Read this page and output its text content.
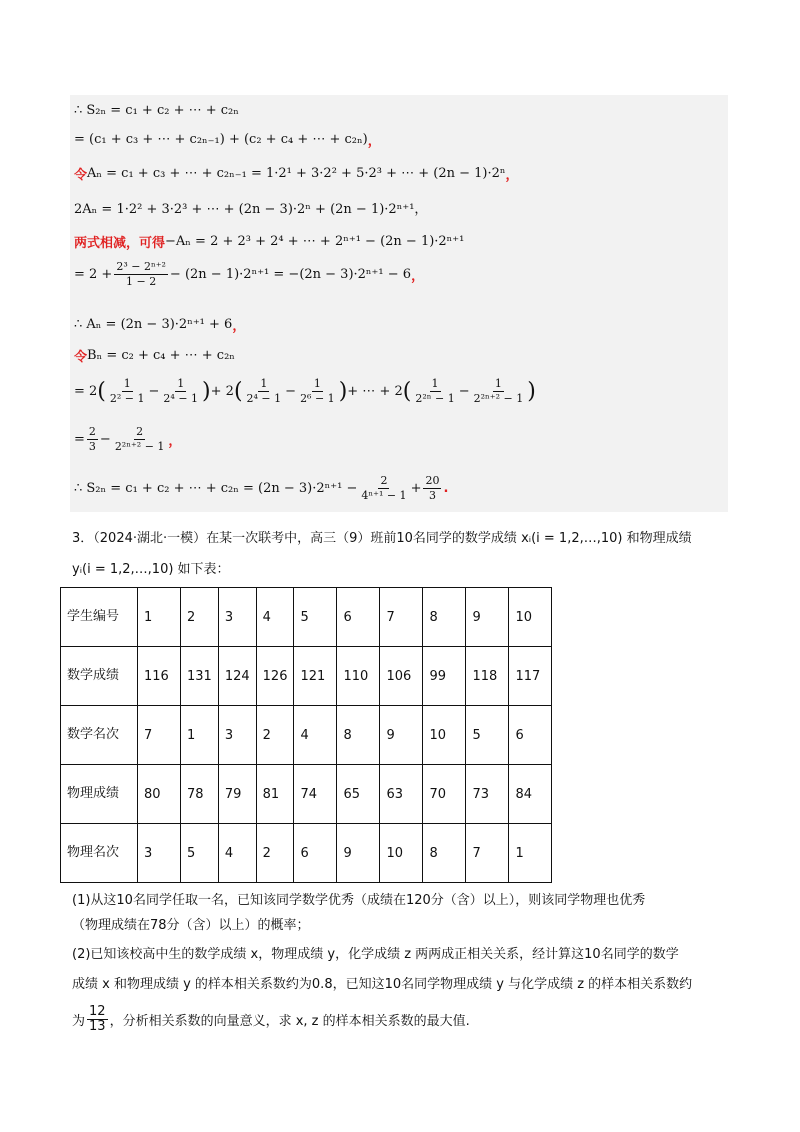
∴ S₂ₙ = c₁ + c₂ + ⋯ + c₂ₙ
= (c₁ + c₃ + ⋯ + c₂ₙ₋₁) + (c₂ + c₄ + ⋯ + c₂ₙ) ，
令 Aₙ = c₁ + c₃ + ⋯ + c₂ₙ₋₁ = 1·2¹ + 3·2² + 5·2³ + ⋯ + (2n − 1)·2ⁿ ，
2Aₙ = 1·2² + 3·2³ + ⋯ + (2n − 3)·2ⁿ + (2n − 1)·2ⁿ⁺¹，
两式相减，可得 −Aₙ = 2 + 2³ + 2⁴ + ⋯ + 2ⁿ⁺¹ − (2n − 1)·2ⁿ⁺¹
= $2 + \frac{\text{2³ − 2ⁿ⁺²}}{1 - 2} - (2n - 1)\cdot 2^{n+1} = -(2n - 3)\cdot 2^{n+1} - 6$ ，
∴ Aₙ = (2n − 3)·2ⁿ⁺¹ + 6 ，
令 Bₙ = c₂ + c₄ + ⋯ + c₂ₙ
= 2 ( $\frac{1}{\text{2² − 1}} - \frac{1}{\text{2⁴ − 1}}$ ) + 2 ( $\frac{1}{\text{2⁴ − 1}} - \frac{1}{\text{2⁶ − 1}}$ ) + ⋯ + 2 ( $\frac{1}{\text{2²ⁿ − 1}} - \frac{1}{\text{2²ⁿ⁺² − 1}}$ )
= $\frac{2}{3} - \frac{2}{\text{2²ⁿ⁺² − 1}}$ ，
∴ S₂ₙ = c₁ + c₂ + ⋯ + $c_{2n} = (2n - 3)\cdot 2^{n+1} - \frac{2}{\text{4ⁿ⁺¹ − 1}} + \frac{20}{3}$ .
3．（2024·湖北·一模）在某一次联考中，高三（9）班前10名同学的数学成绩 xᵢ(i = 1,2,…,10) 和物理成绩
yᵢ(i = 1,2,…,10) 如下表：
学生编号	1	2	3	4	5	6	7	8	9	10
数学成绩	116	131	124	126	121	110	106	99	118	117
数学名次	7	1	3	2	4	8	9	10	5	6
物理成绩	80	78	79	81	74	65	63	70	73	84
物理名次	3	5	4	2	6	9	10	8	7	1
(1)从这10名同学任取一名，已知该同学数学优秀（成绩在120分（含）以上），则该同学物理也优秀
（物理成绩在78分（含）以上）的概率；
(2)已知该校高中生的数学成绩 x，物理成绩 y，化学成绩 z 两两成正相关关系，经计算这10名同学的数学
成绩 x 和物理成绩 y 的样本相关系数约为0.8，已知这10名同学物理成绩 y 与化学成绩 z 的样本相关系数约
为 $\frac{12}{13}$ ，分析相关系数的向量意义，求 x, z 的样本相关系数的最大值.
